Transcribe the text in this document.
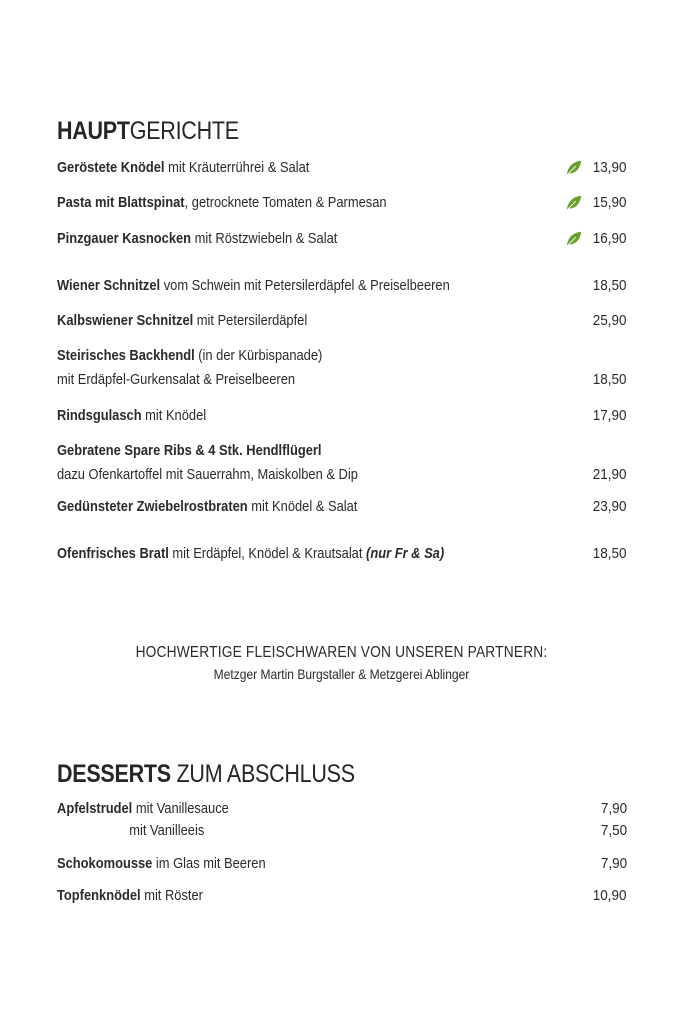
HAUPTGERICHTE
Geröstete Knödel mit Kräuterrührei & Salat	13,90
Pasta mit Blattspinat, getrocknete Tomaten & Parmesan	15,90
Pinzgauer Kasnocken mit Röstzwiebeln & Salat	16,90
Wiener Schnitzel vom Schwein mit Petersilerdäpfel & Preiselbeeren	18,50
Kalbswiener Schnitzel mit Petersilerdäpfel	25,90
Steirisches Backhendl (in der Kürbispanade)
mit Erdäpfel-Gurkensalat & Preiselbeeren	18,50
Rindsgulasch mit Knödel	17,90
Gebratene Spare Ribs & 4 Stk. Hendlflügerl
dazu Ofenkartoffel mit Sauerrahm, Maiskolben & Dip	21,90
Gedünsteter Zwiebelrostbraten mit Knödel & Salat	23,90
Ofenfrisches Bratl mit Erdäpfel, Knödel & Krautsalat (nur Fr & Sa)	18,50
HOCHWERTIGE FLEISCHWAREN VON UNSEREN PARTNERN:
Metzger Martin Burgstaller & Metzgerei Ablinger
DESSERTS ZUM ABSCHLUSS
Apfelstrudel mit Vanillesauce	7,90
mit Vanilleeis	7,50
Schokomousse im Glas mit Beeren	7,90
Topfenknödel mit Röster	10,90
